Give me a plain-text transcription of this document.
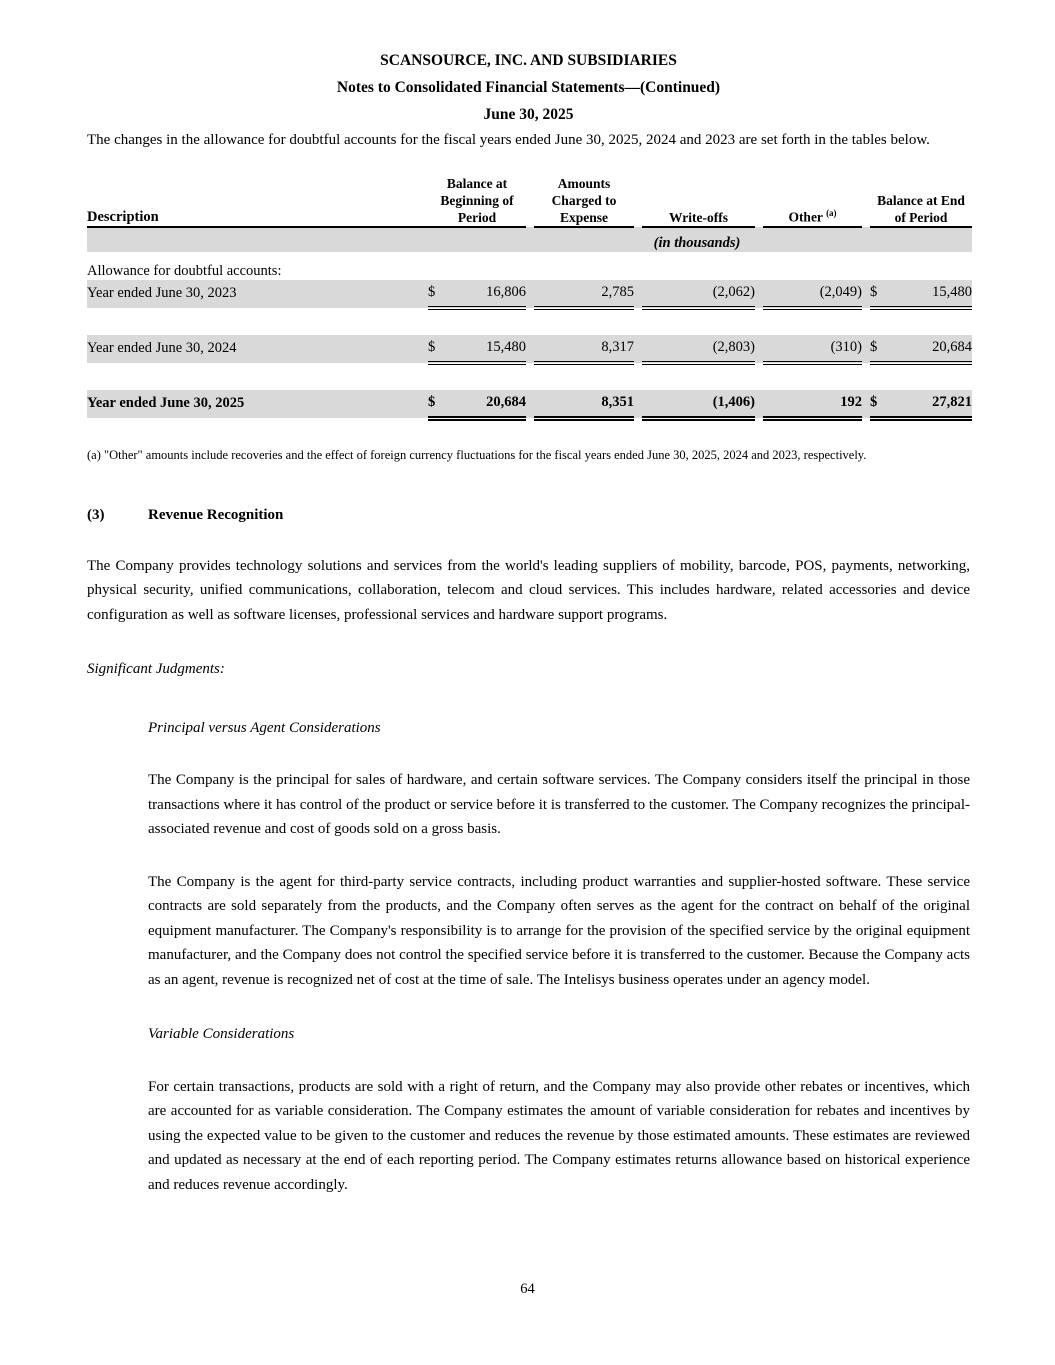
SCANSOURCE, INC. AND SUBSIDIARIES
Notes to Consolidated Financial Statements—(Continued)
June 30, 2025

The changes in the allowance for doubtful accounts for the fiscal years ended June 30, 2025, 2024 and 2023 are set forth in the tables below.

Description		Balance at Beginning of Period			Amounts Charged to Expense		Write-offs		Other $^{(a)}$		Balance at End of Period	
	(in thousands)											

Allowance for doubtful accounts:												
Year ended June 30, 2023		$	16,806		2,785		(2,062)		(2,049)		$	15,480

Year ended June 30, 2024		$	15,480		8,317		(2,803)		(310)		$	20,684

Year ended June 30, 2025		$	20,684		8,351		(1,406)		192		$	27,821

(a) "Other" amounts include recoveries and the effect of foreign currency fluctuations for the fiscal years ended June 30, 2025, 2024 and 2023, respectively.

(3)	Revenue Recognition

The Company provides technology solutions and services from the world's leading suppliers of mobility, barcode, POS, payments, networking, physical security, unified communications, collaboration, telecom and cloud services. This includes hardware, related accessories and device configuration as well as software licenses, professional services and hardware support programs.

Significant Judgments:

Principal versus Agent Considerations

The Company is the principal for sales of hardware, and certain software services. The Company considers itself the principal in those transactions where it has control of the product or service before it is transferred to the customer. The Company recognizes the principal-associated revenue and cost of goods sold on a gross basis.

The Company is the agent for third-party service contracts, including product warranties and supplier-hosted software. These service contracts are sold separately from the products, and the Company often serves as the agent for the contract on behalf of the original equipment manufacturer. The Company's responsibility is to arrange for the provision of the specified service by the original equipment manufacturer, and the Company does not control the specified service before it is transferred to the customer. Because the Company acts as an agent, revenue is recognized net of cost at the time of sale. The Intelisys business operates under an agency model.

Variable Considerations

For certain transactions, products are sold with a right of return, and the Company may also provide other rebates or incentives, which are accounted for as variable consideration. The Company estimates the amount of variable consideration for rebates and incentives by using the expected value to be given to the customer and reduces the revenue by those estimated amounts. These estimates are reviewed and updated as necessary at the end of each reporting period. The Company estimates returns allowance based on historical experience and reduces revenue accordingly.

64
